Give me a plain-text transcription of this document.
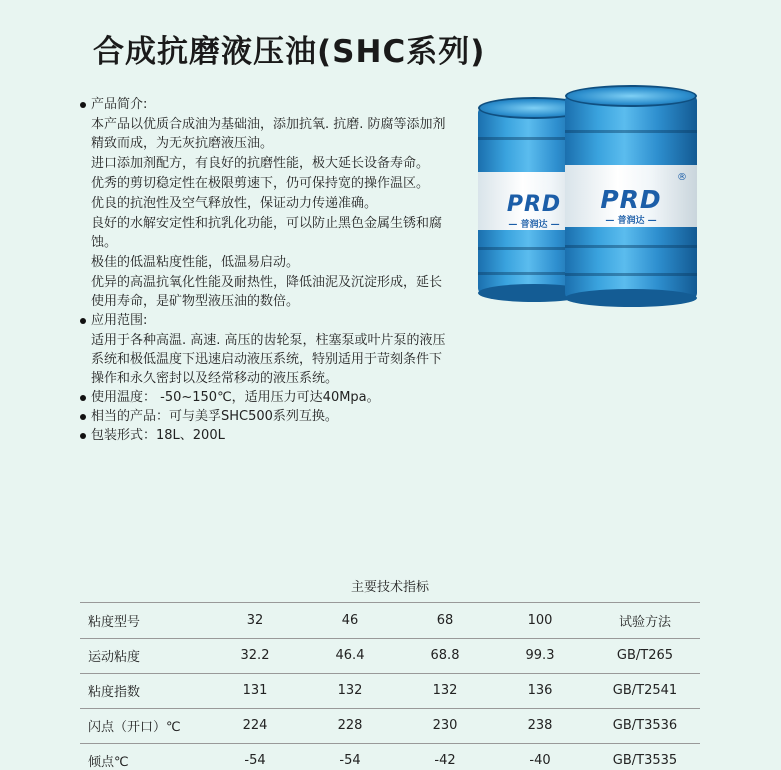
合成抗磨液压油(SHC系列)
产品简介:
本产品以优质合成油为基础油，添加抗氧. 抗磨. 防腐等添加剂精致而成，为无灰抗磨液压油。
进口添加剂配方，有良好的抗磨性能，极大延长设备寿命。
优秀的剪切稳定性在极限剪速下，仍可保持宽的操作温区。
优良的抗泡性及空气释放性，保证动力传递准确。
良好的水解安定性和抗乳化功能，可以防止黑色金属生锈和腐蚀。
极佳的低温粘度性能，低温易启动。
优异的高温抗氧化性能及耐热性，降低油泥及沉淀形成，延长使用寿命，是矿物型液压油的数倍。
应用范围:
适用于各种高温. 高速. 高压的齿轮泵，柱塞泵或叶片泵的液压系统和极低温度下迅速启动液压系统，特别适用于苛刻条件下操作和永久密封以及经常移动的液压系统。
使用温度： -50~150℃，适用压力可达40Mpa。
相当的产品：可与美孚SHC500系列互换。
包装形式：18L、200L
PRD
— 普润达 —
PRD
— 普润达 —
®
主要技术指标
粘度型号	32	46	68	100	试验方法
运动粘度	32.2	46.4	68.8	99.3	GB/T265
粘度指数	131	132	132	136	GB/T2541
闪点（开口）℃	224	228	230	238	GB/T3536
倾点℃	-54	-54	-42	-40	GB/T3535
